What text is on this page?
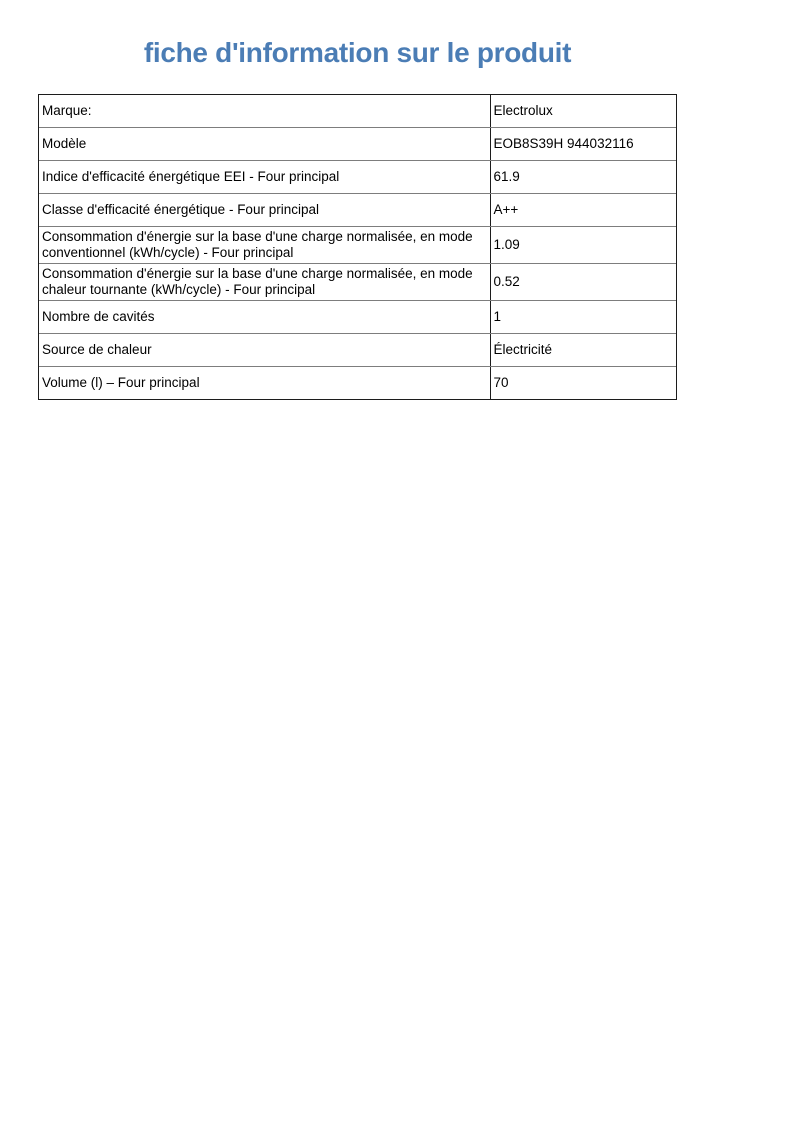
fiche d'information sur le produit
Marque:	Electrolux
Modèle	EOB8S39H 944032116
Indice d'efficacité énergétique EEI - Four principal	61.9
Classe d'efficacité énergétique - Four principal	A++
Consommation d'énergie sur la base d'une charge normalisée, en mode conventionnel (kWh/cycle) - Four principal	1.09
Consommation d'énergie sur la base d'une charge normalisée, en mode chaleur tournante (kWh/cycle) - Four principal	0.52
Nombre de cavités	1
Source de chaleur	Électricité
Volume (l) – Four principal	70
